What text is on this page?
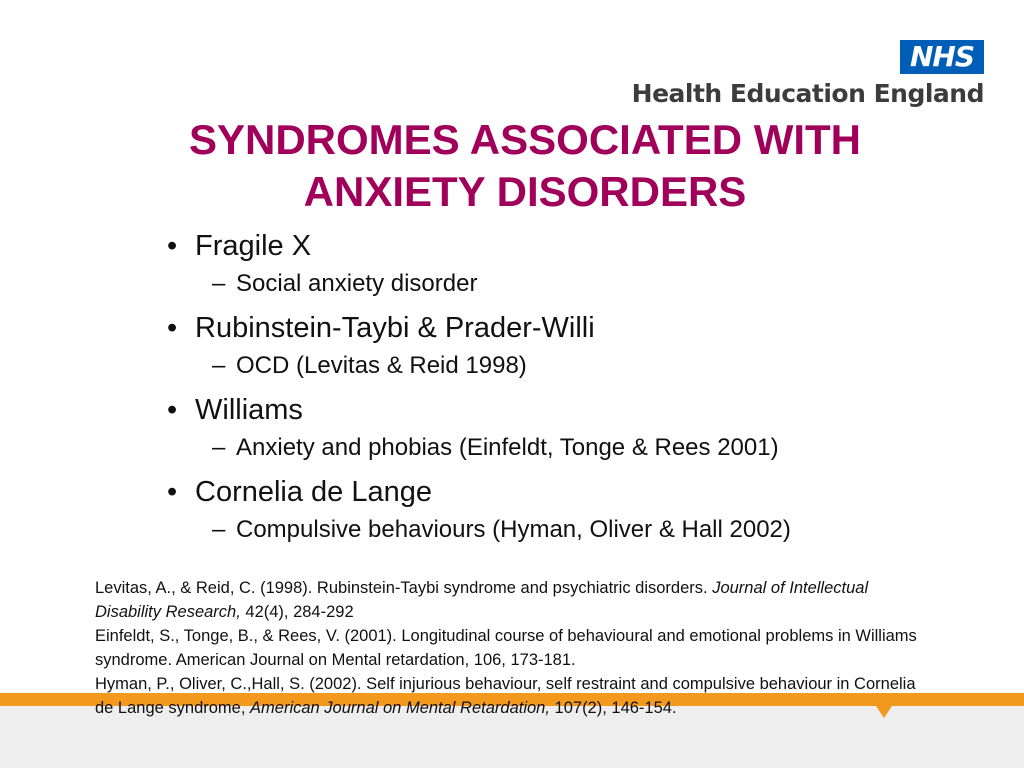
NHS
Health Education England
SYNDROMES ASSOCIATED WITH
ANXIETY DISORDERS
• Fragile X
– Social anxiety disorder
• Rubinstein-Taybi & Prader-Willi
– OCD (Levitas & Reid 1998)
• Williams
– Anxiety and phobias (Einfeldt, Tonge & Rees 2001)
• Cornelia de Lange
– Compulsive behaviours (Hyman, Oliver & Hall 2002)

Levitas, A., & Reid, C. (1998). Rubinstein-Taybi syndrome and psychiatric disorders. Journal of Intellectual Disability Research, 42(4), 284-292

Einfeldt, S., Tonge, B., & Rees, V. (2001). Longitudinal course of behavioural and emotional problems in Williams syndrome. American Journal on Mental retardation, 106, 173-181.

Hyman, P., Oliver, C.,Hall, S. (2002). Self injurious behaviour, self restraint and compulsive behaviour in Cornelia de Lange syndrome, American Journal on Mental Retardation, 107(2), 146-154.
